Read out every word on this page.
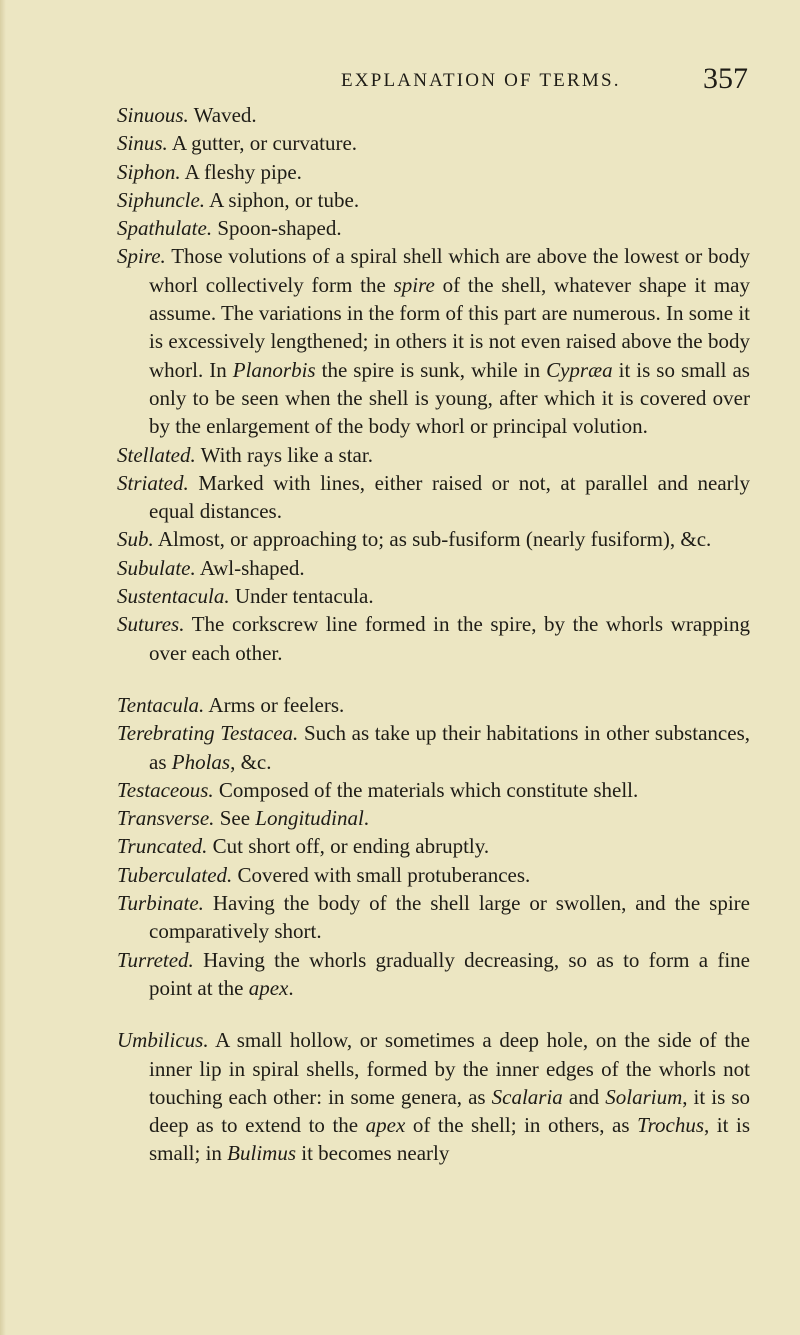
EXPLANATION OF TERMS.	357

Sinuous. Waved.

Sinus. A gutter, or curvature.

Siphon. A fleshy pipe.

Siphuncle. A siphon, or tube.

Spathulate. Spoon-shaped.

Spire. Those volutions of a spiral shell which are above the lowest or body whorl collectively form the spire of the shell, whatever shape it may assume. The variations in the form of this part are numerous. In some it is excessively lengthened; in others it is not even raised above the body whorl. In Planorbis the spire is sunk, while in Cypræa it is so small as only to be seen when the shell is young, after which it is covered over by the enlargement of the body whorl or principal volution.

Stellated. With rays like a star.

Striated. Marked with lines, either raised or not, at parallel and nearly equal distances.

Sub. Almost, or approaching to; as sub-fusiform (nearly fusiform), &c.

Subulate. Awl-shaped.

Sustentacula. Under tentacula.

Sutures. The corkscrew line formed in the spire, by the whorls wrapping over each other.

Tentacula. Arms or feelers.

Terebrating Testacea. Such as take up their habitations in other substances, as Pholas, &c.

Testaceous. Composed of the materials which constitute shell.

Transverse. See Longitudinal.

Truncated. Cut short off, or ending abruptly.

Tuberculated. Covered with small protuberances.

Turbinate. Having the body of the shell large or swollen, and the spire comparatively short.

Turreted. Having the whorls gradually decreasing, so as to form a fine point at the apex.

Umbilicus. A small hollow, or sometimes a deep hole, on the side of the inner lip in spiral shells, formed by the inner edges of the whorls not touching each other: in some genera, as Scalaria and Solarium, it is so deep as to extend to the apex of the shell; in others, as Trochus, it is small; in Bulimus it becomes nearly
